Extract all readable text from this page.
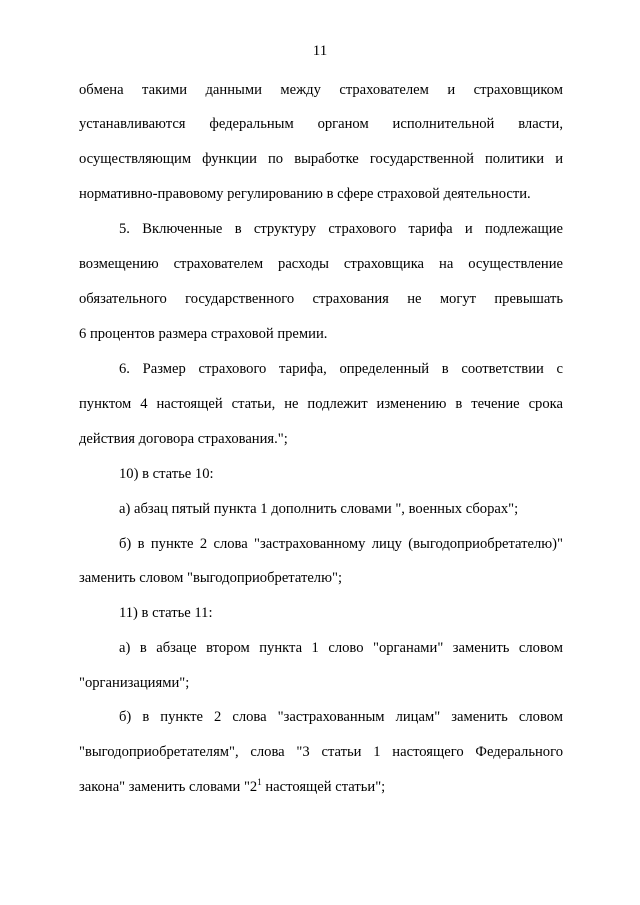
11
обмена такими данными между страхователем и страховщиком
устанавливаются федеральным органом исполнительной власти,
осуществляющим функции по выработке государственной политики и
нормативно-правовому регулированию в сфере страховой деятельности.
5. Включенные в структуру страхового тарифа и подлежащие
возмещению страхователем расходы страховщика на осуществление
обязательного государственного страхования не могут превышать
6 процентов размера страховой премии.
6. Размер страхового тарифа, определенный в соответствии с
пунктом 4 настоящей статьи, не подлежит изменению в течение срока
действия договора страхования.";
10) в статье 10:
а) абзац пятый пункта 1 дополнить словами ", военных сборах";
б) в пункте 2 слова "застрахованному лицу (выгодоприобретателю)"
заменить словом "выгодоприобретателю";
11) в статье 11:
а) в абзаце втором пункта 1 слово "органами" заменить словом
"организациями";
б) в пункте 2 слова "застрахованным лицам" заменить словом
"выгодоприобретателям", слова "3 статьи 1 настоящего Федерального
закона" заменить словами "$2^1$ настоящей статьи";
